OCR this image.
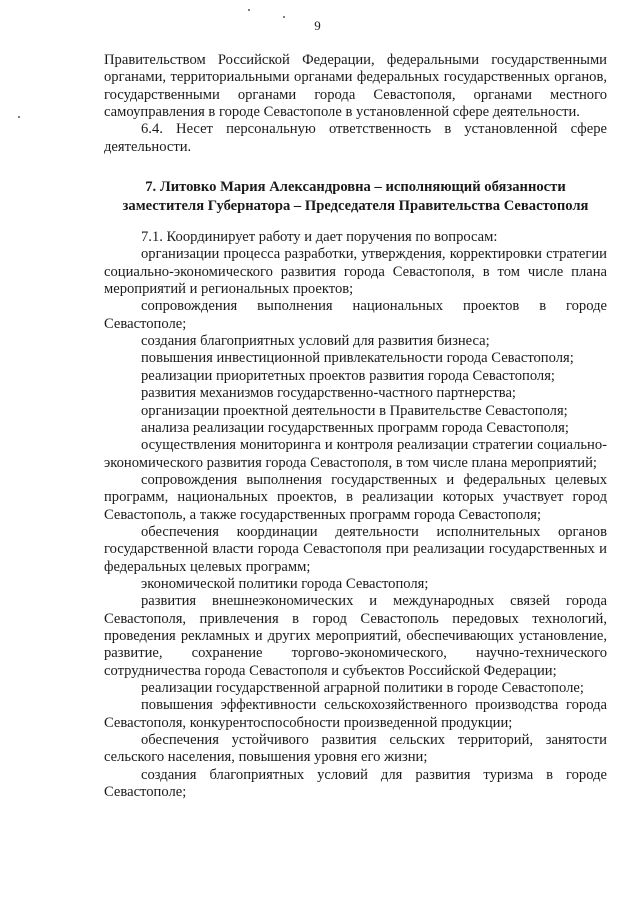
9

Правительством Российской Федерации, федеральными государственными органами, территориальными органами федеральных государственных органов, государственными органами города Севастополя, органами местного самоуправления в городе Севастополе в установленной сфере деятельности.

6.4. Несет персональную ответственность в установленной сфере деятельности.

7. Литовко Мария Александровна – исполняющий обязанности
заместителя Губернатора – Председателя Правительства Севастополя

7.1. Координирует работу и дает поручения по вопросам:

организации процесса разработки, утверждения, корректировки стратегии социально-экономического развития города Севастополя, в том числе плана мероприятий и региональных проектов;

сопровождения выполнения национальных проектов в городе Севастополе;

создания благоприятных условий для развития бизнеса;

повышения инвестиционной привлекательности города Севастополя;

реализации приоритетных проектов развития города Севастополя;

развития механизмов государственно-частного партнерства;

организации проектной деятельности в Правительстве Севастополя;

анализа реализации государственных программ города Севастополя;

осуществления мониторинга и контроля реализации стратегии социально-экономического развития города Севастополя, в том числе плана мероприятий;

сопровождения выполнения государственных и федеральных целевых программ, национальных проектов, в реализации которых участвует город Севастополь, а также государственных программ города Севастополя;

обеспечения координации деятельности исполнительных органов государственной власти города Севастополя при реализации государственных и федеральных целевых программ;

экономической политики города Севастополя;

развития внешнеэкономических и международных связей города Севастополя, привлечения в город Севастополь передовых технологий, проведения рекламных и других мероприятий, обеспечивающих установление, развитие, сохранение торгово-экономического, научно-технического сотрудничества города Севастополя и субъектов Российской Федерации;

реализации государственной аграрной политики в городе Севастополе;

повышения эффективности сельскохозяйственного производства города Севастополя, конкурентоспособности произведенной продукции;

обеспечения устойчивого развития сельских территорий, занятости сельского населения, повышения уровня его жизни;

создания благоприятных условий для развития туризма в городе Севастополе;
